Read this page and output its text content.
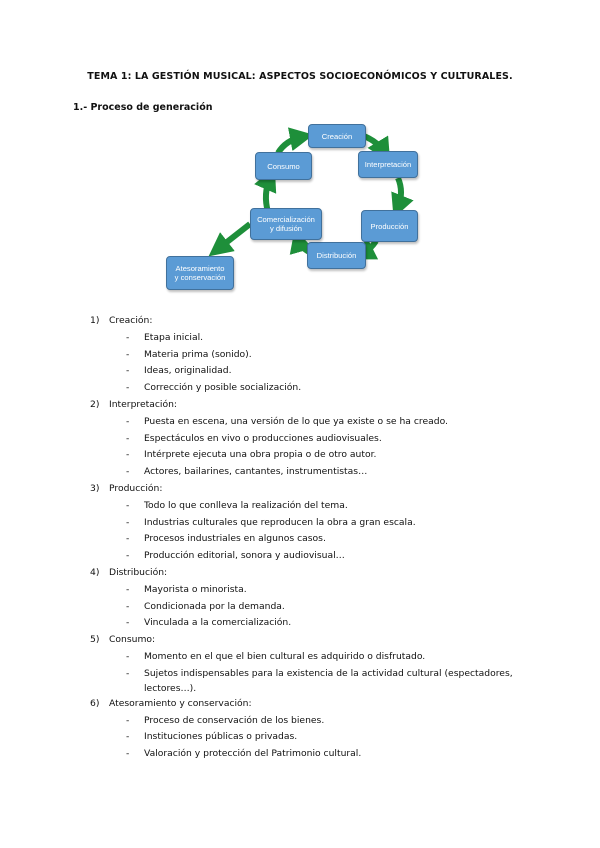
TEMA 1: LA GESTIÓN MUSICAL: ASPECTOS SOCIOECONÓMICOS Y CULTURALES.
1.- Proceso de generación
Creación
Interpretación
Producción
Distribución
Comercialización
y difusión
Consumo
Atesoramiento
y conservación
1) Creación:
- Etapa inicial.
- Materia prima (sonido).
- Ideas, originalidad.
- Corrección y posible socialización.
2) Interpretación:
- Puesta en escena, una versión de lo que ya existe o se ha creado.
- Espectáculos en vivo o producciones audiovisuales.
- Intérprete ejecuta una obra propia o de otro autor.
- Actores, bailarines, cantantes, instrumentistas…
3) Producción:
- Todo lo que conlleva la realización del tema.
- Industrias culturales que reproducen la obra a gran escala.
- Procesos industriales en algunos casos.
- Producción editorial, sonora y audiovisual…
4) Distribución:
- Mayorista o minorista.
- Condicionada por la demanda.
- Vinculada a la comercialización.
5) Consumo:
- Momento en el que el bien cultural es adquirido o disfrutado.
- Sujetos indispensables para la existencia de la actividad cultural (espectadores, lectores…).
6) Atesoramiento y conservación:
- Proceso de conservación de los bienes.
- Instituciones públicas o privadas.
- Valoración y protección del Patrimonio cultural.
